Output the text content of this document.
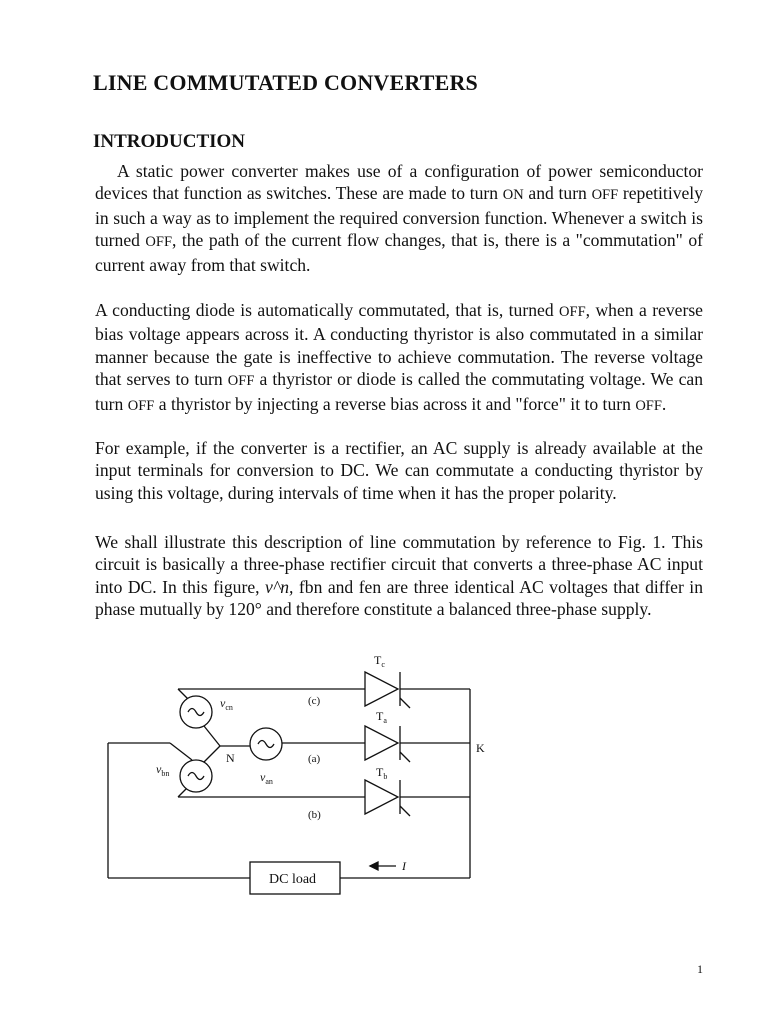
LINE COMMUTATED CONVERTERS
INTRODUCTION

A static power converter makes use of a configuration of power semiconductor devices that function as switches. These are made to turn ON and turn OFF repetitively in such a way as to implement the required conversion function. Whenever a switch is turned OFF, the path of the current flow changes, that is, there is a "commutation" of current away from that switch.

A conducting diode is automatically commutated, that is, turned OFF, when a reverse bias voltage appears across it. A conducting thyristor is also commutated in a similar manner because the gate is ineffective to achieve commutation. The reverse voltage that serves to turn OFF a thyristor or diode is called the commutating voltage. We can turn OFF a thyristor by injecting a reverse bias across it and "force" it to turn OFF.

For example, if the converter is a rectifier, an AC supply is already available at the input terminals for conversion to DC. We can commutate a conducting thyristor by using this voltage, during intervals of time when it has the proper polarity.

We shall illustrate this description of line commutation by reference to Fig. 1. This circuit is basically a three-phase rectifier circuit that converts a three-phase AC input into DC. In this figure, v^n, fbn and fen are three identical AC voltages that differ in phase mutually by 120° and therefore constitute a balanced three-phase supply.

$T_c$
$T_a$
$T_b$
(c)
(a)
(b)
$v_{cn}$
$v_{an}$
$v_{bn}$
N
K
DC load
I
1
